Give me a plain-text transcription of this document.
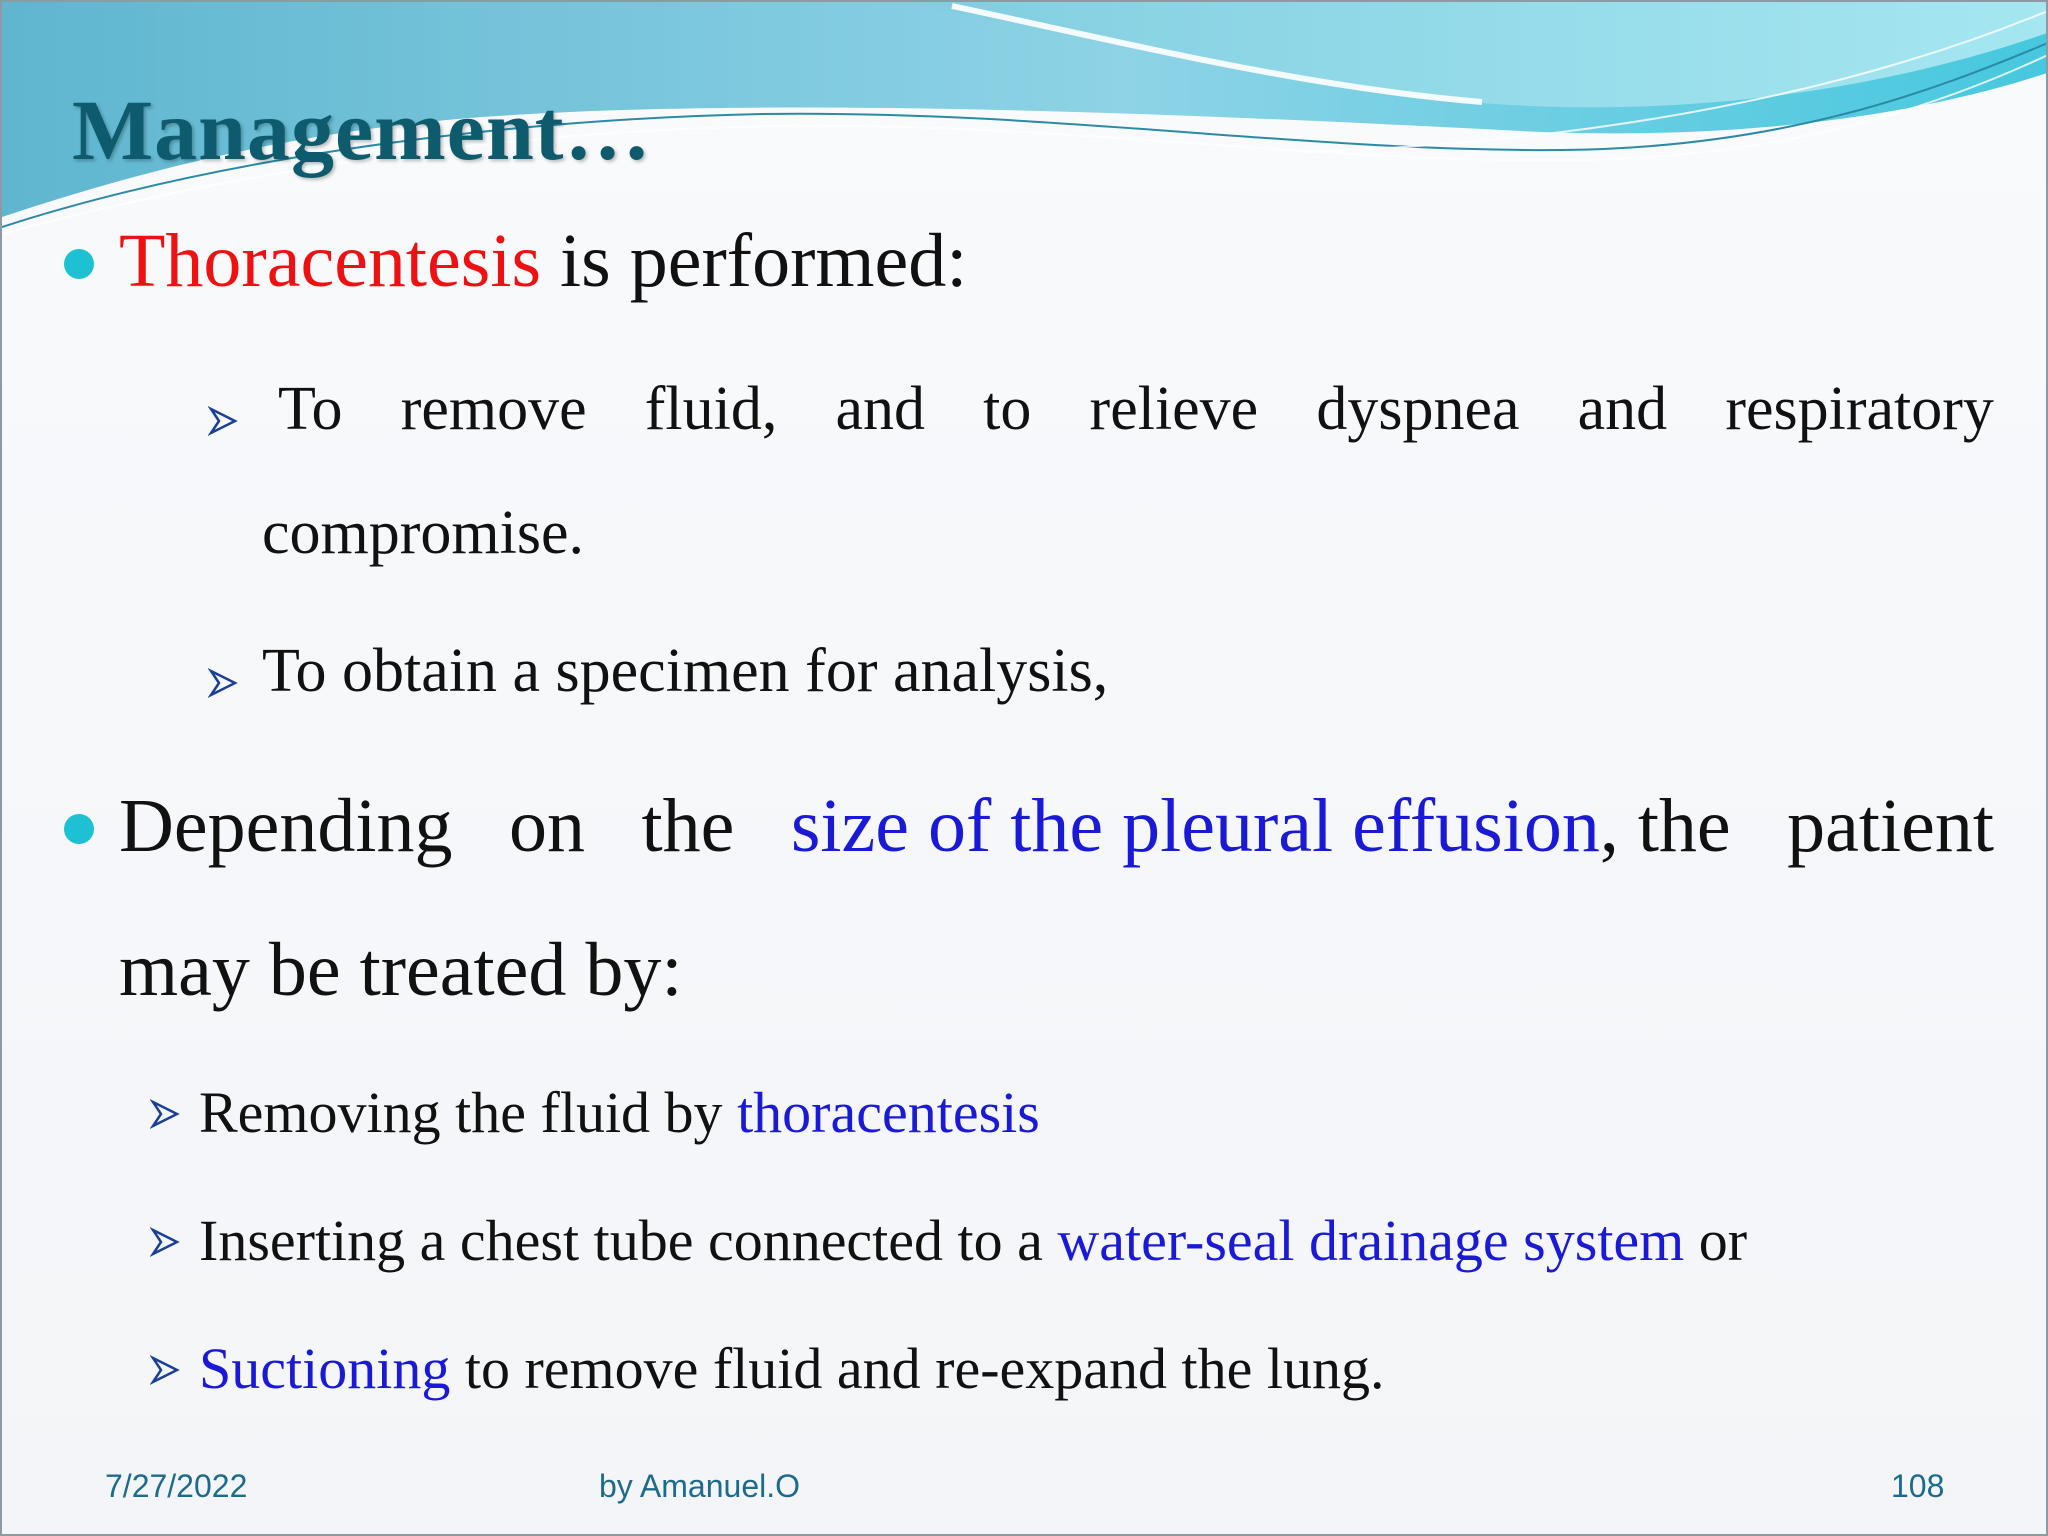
Management…
Thoracentesis is performed:
To remove fluid, and to relieve dyspnea and respiratory
compromise.
To obtain a specimen for analysis,
Depending on the size of the pleural effusion, the patient
may be treated by:
Removing the fluid by thoracentesis
Inserting a chest tube connected to a water-seal drainage system or
Suctioning to remove fluid and re-expand the lung.
7/27/2022	by Amanuel.O	108
